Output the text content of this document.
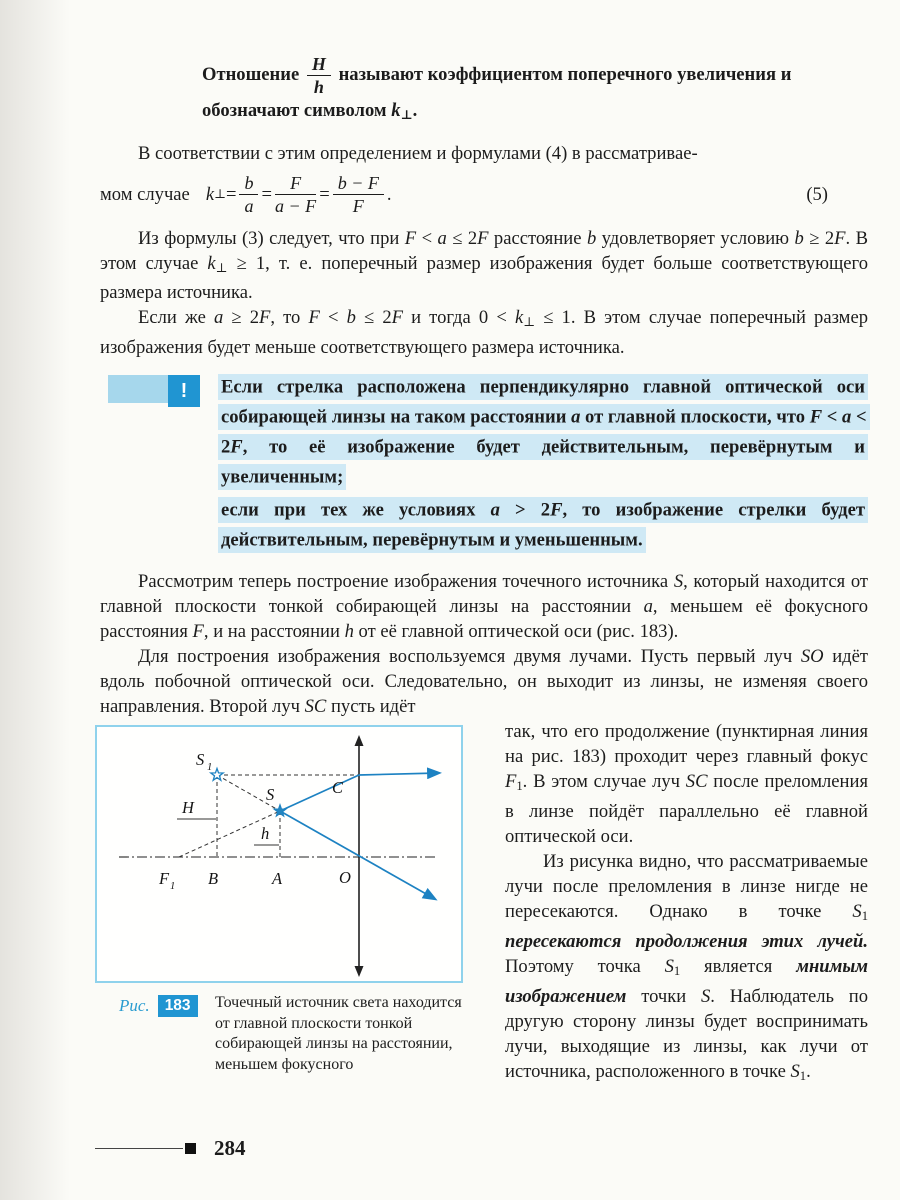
Отношение $\frac{H}{h}$ называют коэффициентом поперечного увеличения и обозначают символом $k_\perp$.
В соответствии с этим определением и формулами (4) в рассматривае-
мом случае k ⊥ = $\frac{b}{a} = \frac{F}{a - F} = \frac{b - F}{F}$ .	(5)

Из формулы (3) следует, что при F < a ≤ 2F расстояние b удовлетворяет условию b ≥ 2F. В этом случае $k_\perp \ge 1$, т. е. поперечный размер изображения будет больше соответствующего размера источника.

Если же a ≥ 2F, то F < b ≤ 2F и тогда $0 < k_\perp \le 1$. В этом случае поперечный размер изображения будет меньше соответствующего размера источника.

!	Если стрелка расположена перпендикулярно главной оптической оси собирающей линзы на таком расстоянии a от главной плоскости, что F < a < 2F, то её изображение будет действительным, перевёрнутым и увеличенным;
если при тех же условиях a > 2F, то изображение стрелки будет действительным, перевёрнутым и уменьшенным.

Рассмотрим теперь построение изображения точечного источника S, который находится от главной плоскости тонкой собирающей линзы на расстоянии a, меньшем её фокусного расстояния F, и на расстоянии h от её главной оптической оси (рис. 183).

Для построения изображения воспользуемся двумя лучами. Пусть первый луч SO идёт вдоль побочной оптической оси. Следовательно, он выходит из линзы, не изменяя своего направления. Второй луч SC пусть идёт

S 1
S	C
H
h
F 1 B	A	O
Рис. 183	Точечный источник света находится от главной плоскости тонкой собирающей линзы на расстоянии, меньшем фокусного

так, что его продолжение (пунктирная линия на рис. 183) проходит через главный фокус $F_1$. В этом случае луч SC после преломления в линзе пойдёт параллельно её главной оптической оси.

Из рисунка видно, что рассматриваемые лучи после преломления в линзе нигде не пересекаются. Однако в точке $S_1$ пересекаются продолжения этих лучей. Поэтому точка $S_1$ является мнимым изображением точки S. Наблюдатель по другую сторону линзы будет воспринимать лучи, выходящие из линзы, как лучи от источника, расположенного в точке $S_1$.

284
